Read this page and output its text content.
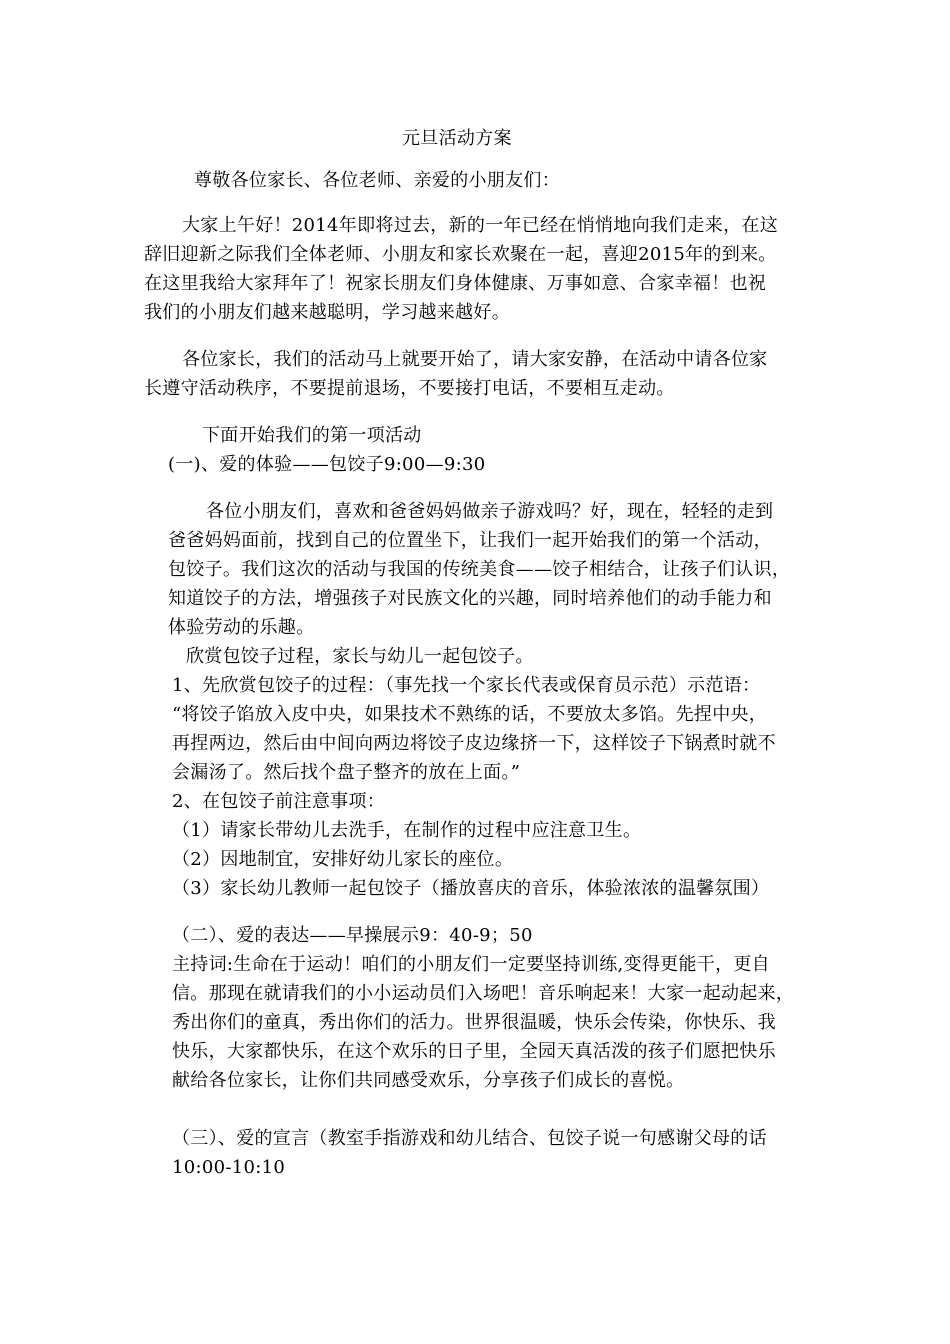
元旦活动方案
尊敬各位家长、各位老师、亲爱的小朋友们：
大家上午好！2014年即将过去，新的一年已经在悄悄地向我们走来，在这
辞旧迎新之际我们全体老师、小朋友和家长欢聚在一起，喜迎2015年的到来。
在这里我给大家拜年了！祝家长朋友们身体健康、万事如意、合家幸福！也祝
我们的小朋友们越来越聪明，学习越来越好。
各位家长，我们的活动马上就要开始了，请大家安静，在活动中请各位家
长遵守活动秩序，不要提前退场，不要接打电话，不要相互走动。
下面开始我们的第一项活动
(一)、爱的体验——包饺子9:00—9:30
各位小朋友们，喜欢和爸爸妈妈做亲子游戏吗？好，现在，轻轻的走到
爸爸妈妈面前，找到自己的位置坐下，让我们一起开始我们的第一个活动，
包饺子。我们这次的活动与我国的传统美食——饺子相结合，让孩子们认识，
知道饺子的方法，增强孩子对民族文化的兴趣，同时培养他们的动手能力和
体验劳动的乐趣。
欣赏包饺子过程，家长与幼儿一起包饺子。
1、先欣赏包饺子的过程：（事先找一个家长代表或保育员示范）示范语：
“将饺子馅放入皮中央，如果技术不熟练的话，不要放太多馅。先捏中央，
再捏两边，然后由中间向两边将饺子皮边缘挤一下，这样饺子下锅煮时就不
会漏汤了。然后找个盘子整齐的放在上面。”
2、在包饺子前注意事项：
（1）请家长带幼儿去洗手，在制作的过程中应注意卫生。
（2）因地制宜，安排好幼儿家长的座位。
（3）家长幼儿教师一起包饺子（播放喜庆的音乐，体验浓浓的温馨氛围）
（二）、爱的表达——早操展示9：40-9；50
主持词:生命在于运动！咱们的小朋友们一定要坚持训练,变得更能干，更自
信。那现在就请我们的小小运动员们入场吧！音乐响起来！大家一起动起来，
秀出你们的童真，秀出你们的活力。世界很温暖，快乐会传染，你快乐、我
快乐，大家都快乐，在这个欢乐的日子里，全园天真活泼的孩子们愿把快乐
献给各位家长，让你们共同感受欢乐，分享孩子们成长的喜悦。
（三）、爱的宣言（教室手指游戏和幼儿结合、包饺子说一句感谢父母的话
10:00-10:10
